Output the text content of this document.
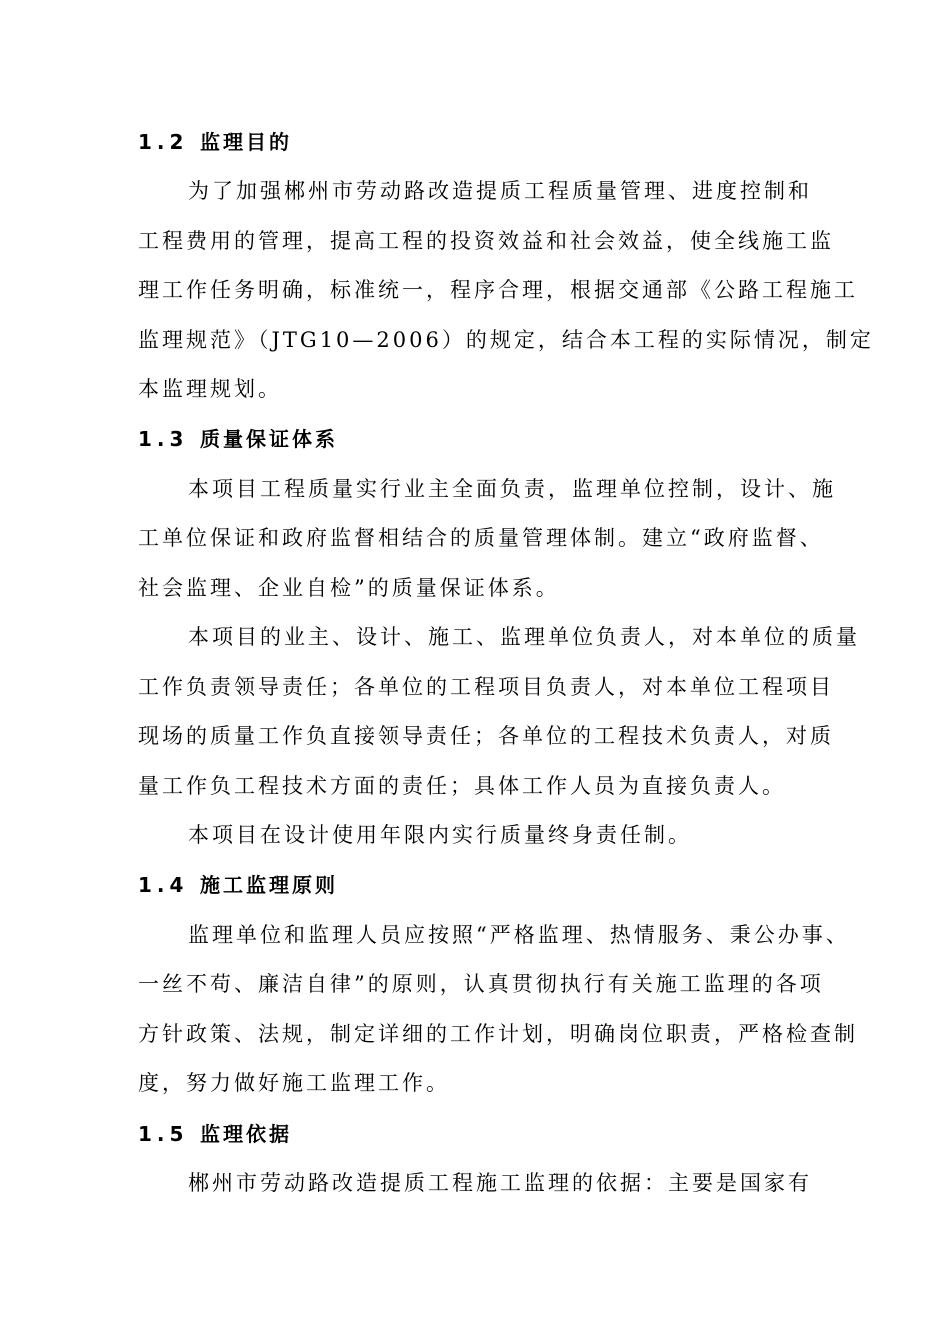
1.2 监理目的
为了加强郴州市劳动路改造提质工程质量管理、进度控制和
工程费用的管理，提高工程的投资效益和社会效益，使全线施工监
理工作任务明确，标准统一，程序合理，根据交通部《公路工程施工
监理规范》（JTG10—2006）的规定，结合本工程的实际情况，制定
本监理规划。
1.3 质量保证体系
本项目工程质量实行业主全面负责，监理单位控制，设计、施
工单位保证和政府监督相结合的质量管理体制。建立“政府监督、
社会监理、企业自检”的质量保证体系。
本项目的业主、设计、施工、监理单位负责人，对本单位的质量
工作负责领导责任；各单位的工程项目负责人，对本单位工程项目
现场的质量工作负直接领导责任；各单位的工程技术负责人，对质
量工作负工程技术方面的责任；具体工作人员为直接负责人。
本项目在设计使用年限内实行质量终身责任制。
1.4 施工监理原则
监理单位和监理人员应按照“严格监理、热情服务、秉公办事、
一丝不苟、廉洁自律”的原则，认真贯彻执行有关施工监理的各项
方针政策、法规，制定详细的工作计划，明确岗位职责，严格检查制
度，努力做好施工监理工作。
1.5 监理依据
郴州市劳动路改造提质工程施工监理的依据：主要是国家有
